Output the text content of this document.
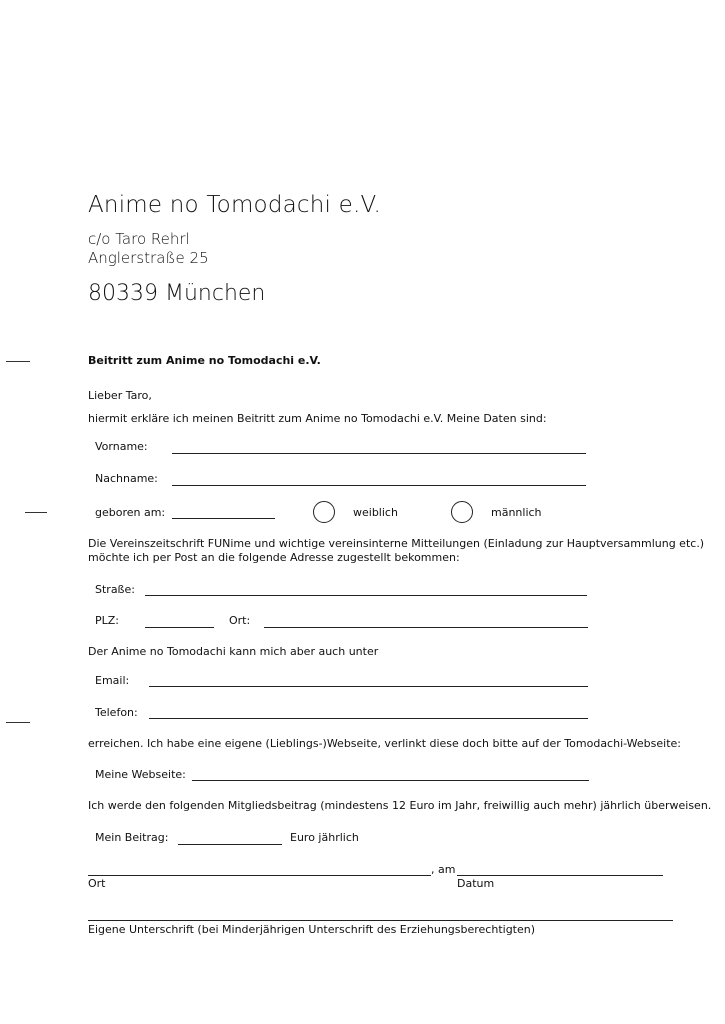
Anime no Tomodachi e.V.
c/o Taro Rehrl
Anglerstraße 25
80339 München
Beitritt zum Anime no Tomodachi e.V.
Lieber Taro,
hiermit erkläre ich meinen Beitritt zum Anime no Tomodachi e.V. Meine Daten sind:
Vorname:
Nachname:
geboren am:	weiblich	männlich
Die Vereinszeitschrift FUNime und wichtige vereinsinterne Mitteilungen (Einladung zur Hauptversammlung etc.)
möchte ich per Post an die folgende Adresse zugestellt bekommen:
Straße:
PLZ:	Ort:
Der Anime no Tomodachi kann mich aber auch unter
Email:
Telefon:
erreichen. Ich habe eine eigene (Lieblings-)Webseite, verlinkt diese doch bitte auf der Tomodachi-Webseite:
Meine Webseite:
Ich werde den folgenden Mitgliedsbeitrag (mindestens 12 Euro im Jahr, freiwillig auch mehr) jährlich überweisen.
Mein Beitrag:	Euro jährlich
, am
Ort	Datum
Eigene Unterschrift (bei Minderjährigen Unterschrift des Erziehungsberechtigten)
